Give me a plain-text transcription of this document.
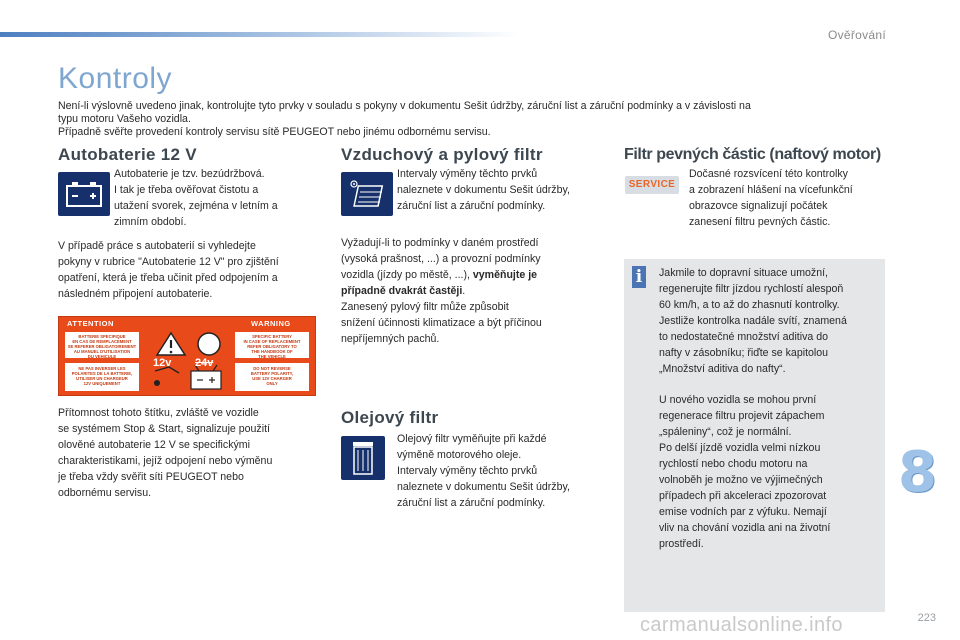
Ověřování
Kontroly
Není-li výslovně uvedeno jinak, kontrolujte tyto prvky v souladu s pokyny v dokumentu Sešit údržby, záruční list a záruční podmínky a v závislosti na
typu motoru Vašeho vozidla.
Případně svěřte provedení kontroly servisu sítě PEUGEOT nebo jinému odbornému servisu.
Autobaterie 12 V
Autobaterie je tzv. bezúdržbová.
I tak je třeba ověřovat čistotu a
utažení svorek, zejména v letním a
zimním období.
V případě práce s autobaterií si vyhledejte
pokyny v rubrice "Autobaterie 12 V" pro zjištění
opatření, která je třeba učinit před odpojením a
následném připojení autobaterie.
ATTENTION	WARNING
BATTERIE SPECIFIQUE
EN CAS DE REMPLACEMENT
SE REFERER OBLIGATOIREMENT
AU MANUEL D'UTILISATION
DU VEHICULE
SPECIFIC BATTERY
IN CASE OF REPLACEMENT
REFER OBLIGATORY TO
THE HANDBOOK OF
THE VEHICLE
NE PAS INVERSER LES
POLARITES DE LA BATTERIE,
UTILISER UN CHARGEUR
12V UNIQUEMENT
DO NOT REVERSE
BATTERY POLARITY,
USE 12V CHARGER
ONLY
12v 24v
Přítomnost tohoto štítku, zvláště ve vozidle
se systémem Stop & Start, signalizuje použití
olověné autobaterie 12 V se specifickými
charakteristikami, jejíž odpojení nebo výměnu
je třeba vždy svěřit síti PEUGEOT nebo
odbornému servisu.
Vzduchový a pylový filtr
Intervaly výměny těchto prvků
naleznete v dokumentu Sešit údržby,
záruční list a záruční podmínky.
Vyžadují-li to podmínky v daném prostředí
(vysoká prašnost, ...) a provozní podmínky
vozidla (jízdy po městě, ...), vyměňujte je
případně dvakrát častěji.
Zanesený pylový filtr může způsobit
snížení účinnosti klimatizace a být příčinou
nepříjemných pachů.
Olejový filtr
Olejový filtr vyměňujte při každé
výměně motorového oleje.
Intervaly výměny těchto prvků
naleznete v dokumentu Sešit údržby,
záruční list a záruční podmínky.
Filtr pevných částic (naftový motor)
SERVICE
Dočasné rozsvícení této kontrolky
a zobrazení hlášení na vícefunkční
obrazovce signalizují počátek
zanesení filtru pevných částic.
i	Jakmile to dopravní situace umožní,
regenerujte filtr jízdou rychlostí alespoň
60 km/h, a to až do zhasnutí kontrolky.
Jestliže kontrolka nadále svítí, znamená
to nedostatečné množství aditiva do
nafty v zásobníku; řiďte se kapitolou
„Množství aditiva do nafty“.
U nového vozidla se mohou první
regenerace filtru projevit zápachem
„spáleniny“, což je normální.
Po delší jízdě vozidla velmi nízkou
rychlostí nebo chodu motoru na
volnoběh je možno ve výjimečných
případech při akceleraci zpozorovat
emise vodních par z výfuku. Nemají
vliv na chování vozidla ani na životní
prostředí.
8
carmanualsonline.info	223
